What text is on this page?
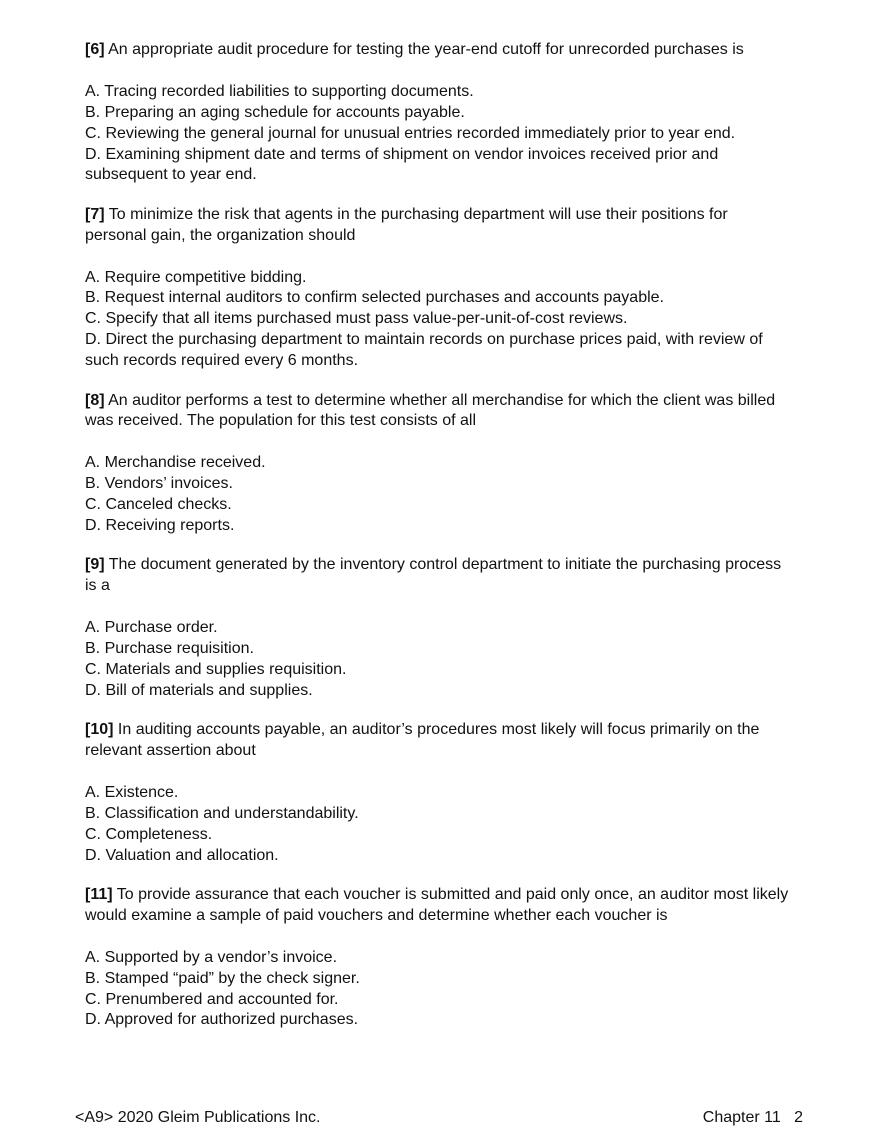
[6] An appropriate audit procedure for testing the year-end cutoff for unrecorded purchases is
A. Tracing recorded liabilities to supporting documents.
B. Preparing an aging schedule for accounts payable.
C. Reviewing the general journal for unusual entries recorded immediately prior to year end.
D. Examining shipment date and terms of shipment on vendor invoices received prior and subsequent to year end.
[7] To minimize the risk that agents in the purchasing department will use their positions for personal gain, the organization should
A. Require competitive bidding.
B. Request internal auditors to confirm selected purchases and accounts payable.
C. Specify that all items purchased must pass value-per-unit-of-cost reviews.
D. Direct the purchasing department to maintain records on purchase prices paid, with review of such records required every 6 months.
[8] An auditor performs a test to determine whether all merchandise for which the client was billed was received. The population for this test consists of all
A. Merchandise received.
B. Vendors’ invoices.
C. Canceled checks.
D. Receiving reports.
[9] The document generated by the inventory control department to initiate the purchasing process is a
A. Purchase order.
B. Purchase requisition.
C. Materials and supplies requisition.
D. Bill of materials and supplies.
[10] In auditing accounts payable, an auditor’s procedures most likely will focus primarily on the relevant assertion about
A. Existence.
B. Classification and understandability.
C. Completeness.
D. Valuation and allocation.
[11] To provide assurance that each voucher is submitted and paid only once, an auditor most likely would examine a sample of paid vouchers and determine whether each voucher is
A. Supported by a vendor’s invoice.
B. Stamped “paid” by the check signer.
C. Prenumbered and accounted for.
D. Approved for authorized purchases.
<A9> 2020 Gleim Publications Inc.	Chapter 11   2
